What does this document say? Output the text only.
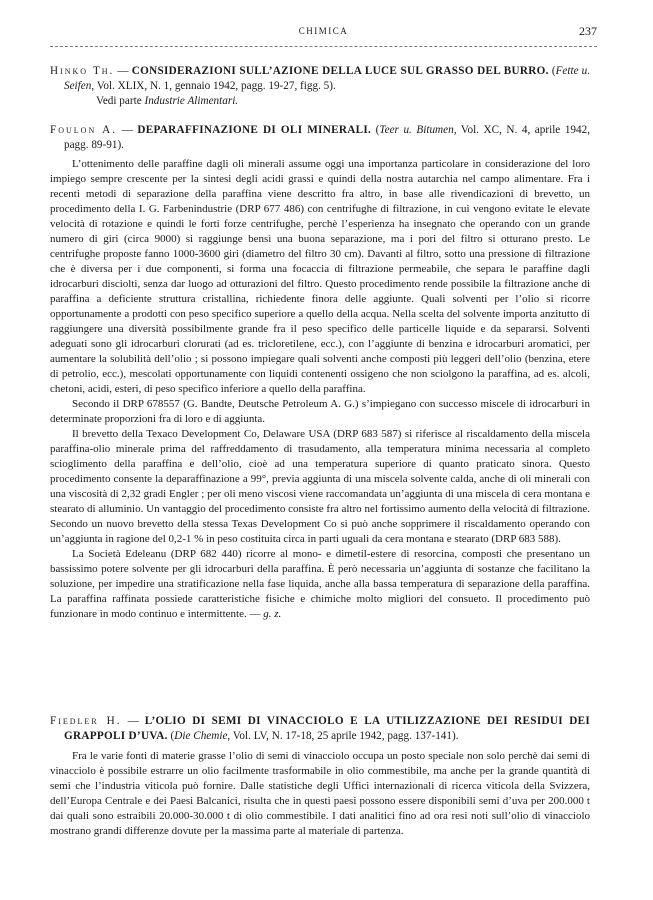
CHIMICA	237

Hinko Th. — CONSIDERAZIONI SULL’AZIONE DELLA LUCE SUL GRASSO DEL BURRO. (Fette u. Seifen, Vol. XLIX, N. 1, gennaio 1942, pagg. 19-27, figg. 5).

Vedi parte Industrie Alimentari.

Foulon A. — DEPARAFFINAZIONE DI OLI MINERALI. (Teer u. Bitumen, Vol. XC, N. 4, aprile 1942, pagg. 89-91).

L’ottenimento delle paraffine dagli oli minerali assume oggi una importanza particolare in considerazione del loro impiego sempre crescente per la sintesi degli acidi grassi e quindi della nostra autarchia nel campo alimentare. Fra i recenti metodi di separazione della paraffina viene descritto fra altro, in base alle rivendicazioni di brevetto, un procedimento della I. G. Farbenindustrie (DRP 677 486) con centrifughe di filtrazione, in cui vengono evitate le elevate velocità di rotazione e quindi le forti forze centrifughe, perchè l’esperienza ha insegnato che operando con un grande numero di giri (circa 9000) si raggiunge bensì una buona separazione, ma i pori del filtro si otturano presto. Le centrifughe proposte fanno 1000-3600 giri (diametro del filtro 30 cm). Davanti al filtro, sotto una pressione di filtrazione che è diversa per i due componenti, si forma una focaccia di filtrazione permeabile, che separa le paraffine dagli idrocarburi disciolti, senza dar luogo ad otturazioni del filtro. Questo procedimento rende possibile la filtrazione anche di paraffina a deficiente struttura cristallina, richiedente finora delle aggiunte. Quali solventi per l’olio si ricorre opportunamente a prodotti con peso specifico superiore a quello della acqua. Nella scelta del solvente importa anzitutto di raggiungere una diversità possibilmente grande fra il peso specifico delle particelle liquide e da separarsi. Solventi adeguati sono gli idrocarburi clorurati (ad es. tricloretilene, ecc.), con l’aggiunte di benzina e idrocarburi aromatici, per aumentare la solubilità dell’olio ; si possono impiegare quali solventi anche composti più leggeri dell’olio (benzina, etere di petrolio, ecc.), mescolati opportunamente con liquidi contenenti ossigeno che non sciolgono la paraffina, ad es. alcoli, chetoni, acidi, esteri, di peso specifico inferiore a quello della paraffina.

Secondo il DRP 678557 (G. Bandte, Deutsche Petroleum A. G.) s’impiegano con successo miscele di idrocarburi in determinate proporzioni fra di loro e di aggiunta.

Il brevetto della Texaco Development Co, Delaware USA (DRP 683 587) si riferisce al riscaldamento della miscela paraffina-olio minerale prima del raffreddamento di trasudamento, alla temperatura minima necessaria al completo scioglimento della paraffina e dell’olio, cioè ad una temperatura superiore di quanto praticato sinora. Questo procedimento consente la deparaffinazione a 99°, previa aggiunta di una miscela solvente calda, anche di oli minerali con una viscosità di 2,32 gradi Engler ; per oli meno viscosi viene raccomandata un’aggiunta di una miscela di cera montana e stearato di alluminio. Un vantaggio del procedimento consiste fra altro nel fortissimo aumento della velocità di filtrazione. Secondo un nuovo brevetto della stessa Texas Development Co si può anche sopprimere il riscaldamento operando con un’aggiunta in ragione del 0,2-1 % in peso costituita circa in parti uguali da cera montana e stearato (DRP 683 588).

La Società Edeleanu (DRP 682 440) ricorre al mono- e dimetil-estere di resorcina, composti che presentano un bassissimo potere solvente per gli idrocarburi della paraffina. È però necessaria un’aggiunta di sostanze che facilitano la soluzione, per impedire una stratificazione nella fase liquida, anche alla bassa temperatura di separazione della paraffina. La paraffina raffinata possiede caratteristiche fisiche e chimiche molto migliori del consueto. Il procedimento può funzionare in modo continuo e intermittente. — g. z.

Fiedler H. — L’OLIO DI SEMI DI VINACCIOLO E LA UTILIZZAZIONE DEI RESIDUI DEI GRAPPOLI D’UVA. (Die Chemie, Vol. LV, N. 17-18, 25 aprile 1942, pagg. 137-141).

Fra le varie fonti di materie grasse l’olio di semi di vinacciolo occupa un posto speciale non solo perchè dai semi di vinacciolo è possibile estrarre un olio facilmente trasformabile in olio commestibile, ma anche per la grande quantità di semi che l’industria viticola può fornire. Dalle statistiche degli Uffici internazionali di ricerca viticola della Svizzera, dell’Europa Centrale e dei Paesi Balcanici, risulta che in questi paesi possono essere disponibili semi d’uva per 200.000 t dai quali sono estraibili 20.000-30.000 t di olio commestibile. I dati analitici fino ad ora resi noti sull’olio di vinacciolo mostrano grandi differenze dovute per la massima parte al materiale di partenza.
